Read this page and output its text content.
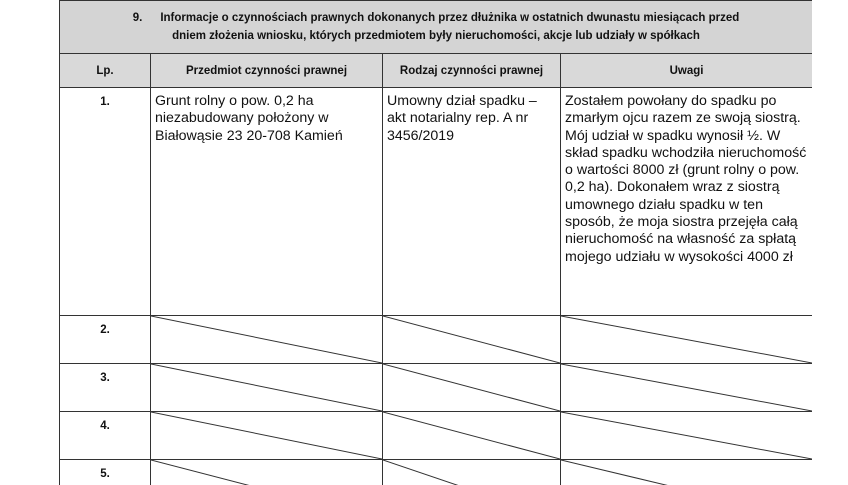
9. Informacje o czynnościach prawnych dokonanych przez dłużnika w ostatnich dwunastu miesiącach przed
dniem złożenia wniosku, których przedmiotem były nieruchomości, akcje lub udziały w spółkach			

Lp.	Przedmiot czynności prawnej	Rodzaj czynności prawnej	Uwagi
1.	Grunt rolny o pow. 0,2 ha niezabudowany położony w Białowąsie 23 20-708 Kamień	Umowny dział spadku – akt notarialny rep. A nr 3456/2019	Zostałem powołany do spadku po zmarłym ojcu razem ze swoją siostrą. Mój udział w spadku wynosił ½. W skład spadku wchodziła nieruchomość o wartości 8000 zł (grunt rolny o pow. 0,2 ha). Dokonałem wraz z siostrą umownego działu spadku w ten sposób, że moja siostra przejęła całą nieruchomość na własność za spłatą mojego udziału w wysokości 4000 zł

2.	

3.	

4.	

5.	
